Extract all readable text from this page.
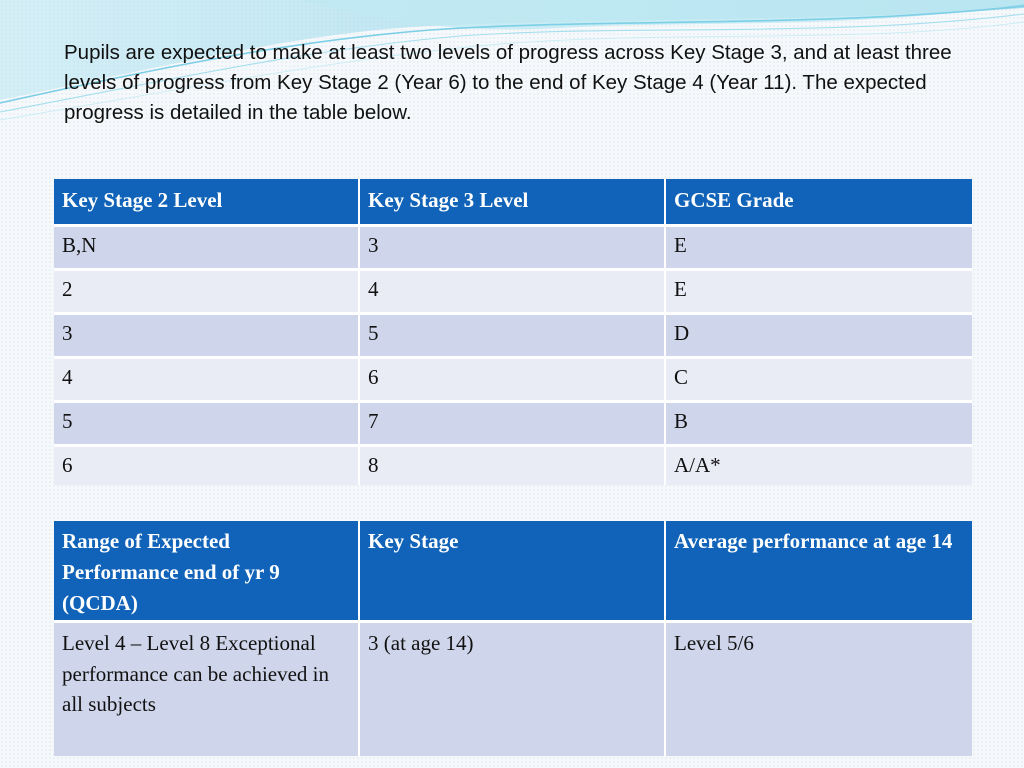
Pupils are expected to make at least two levels of progress across Key Stage 3, and at least three levels of progress from Key Stage 2 (Year 6) to the end of Key Stage 4 (Year 11). The expected progress is detailed in the table below.

Key Stage 2 Level	Key Stage 3 Level	GCSE Grade
B,N	3	E
2	4	E
3	5	D
4	6	C
5	7	B
6	8	A/A*
Range of Expected Performance end of yr 9 (QCDA)	Key Stage	Average performance at age 14
Level 4 – Level 8 Exceptional performance can be achieved in all subjects	3 (at age 14)	Level 5/6
